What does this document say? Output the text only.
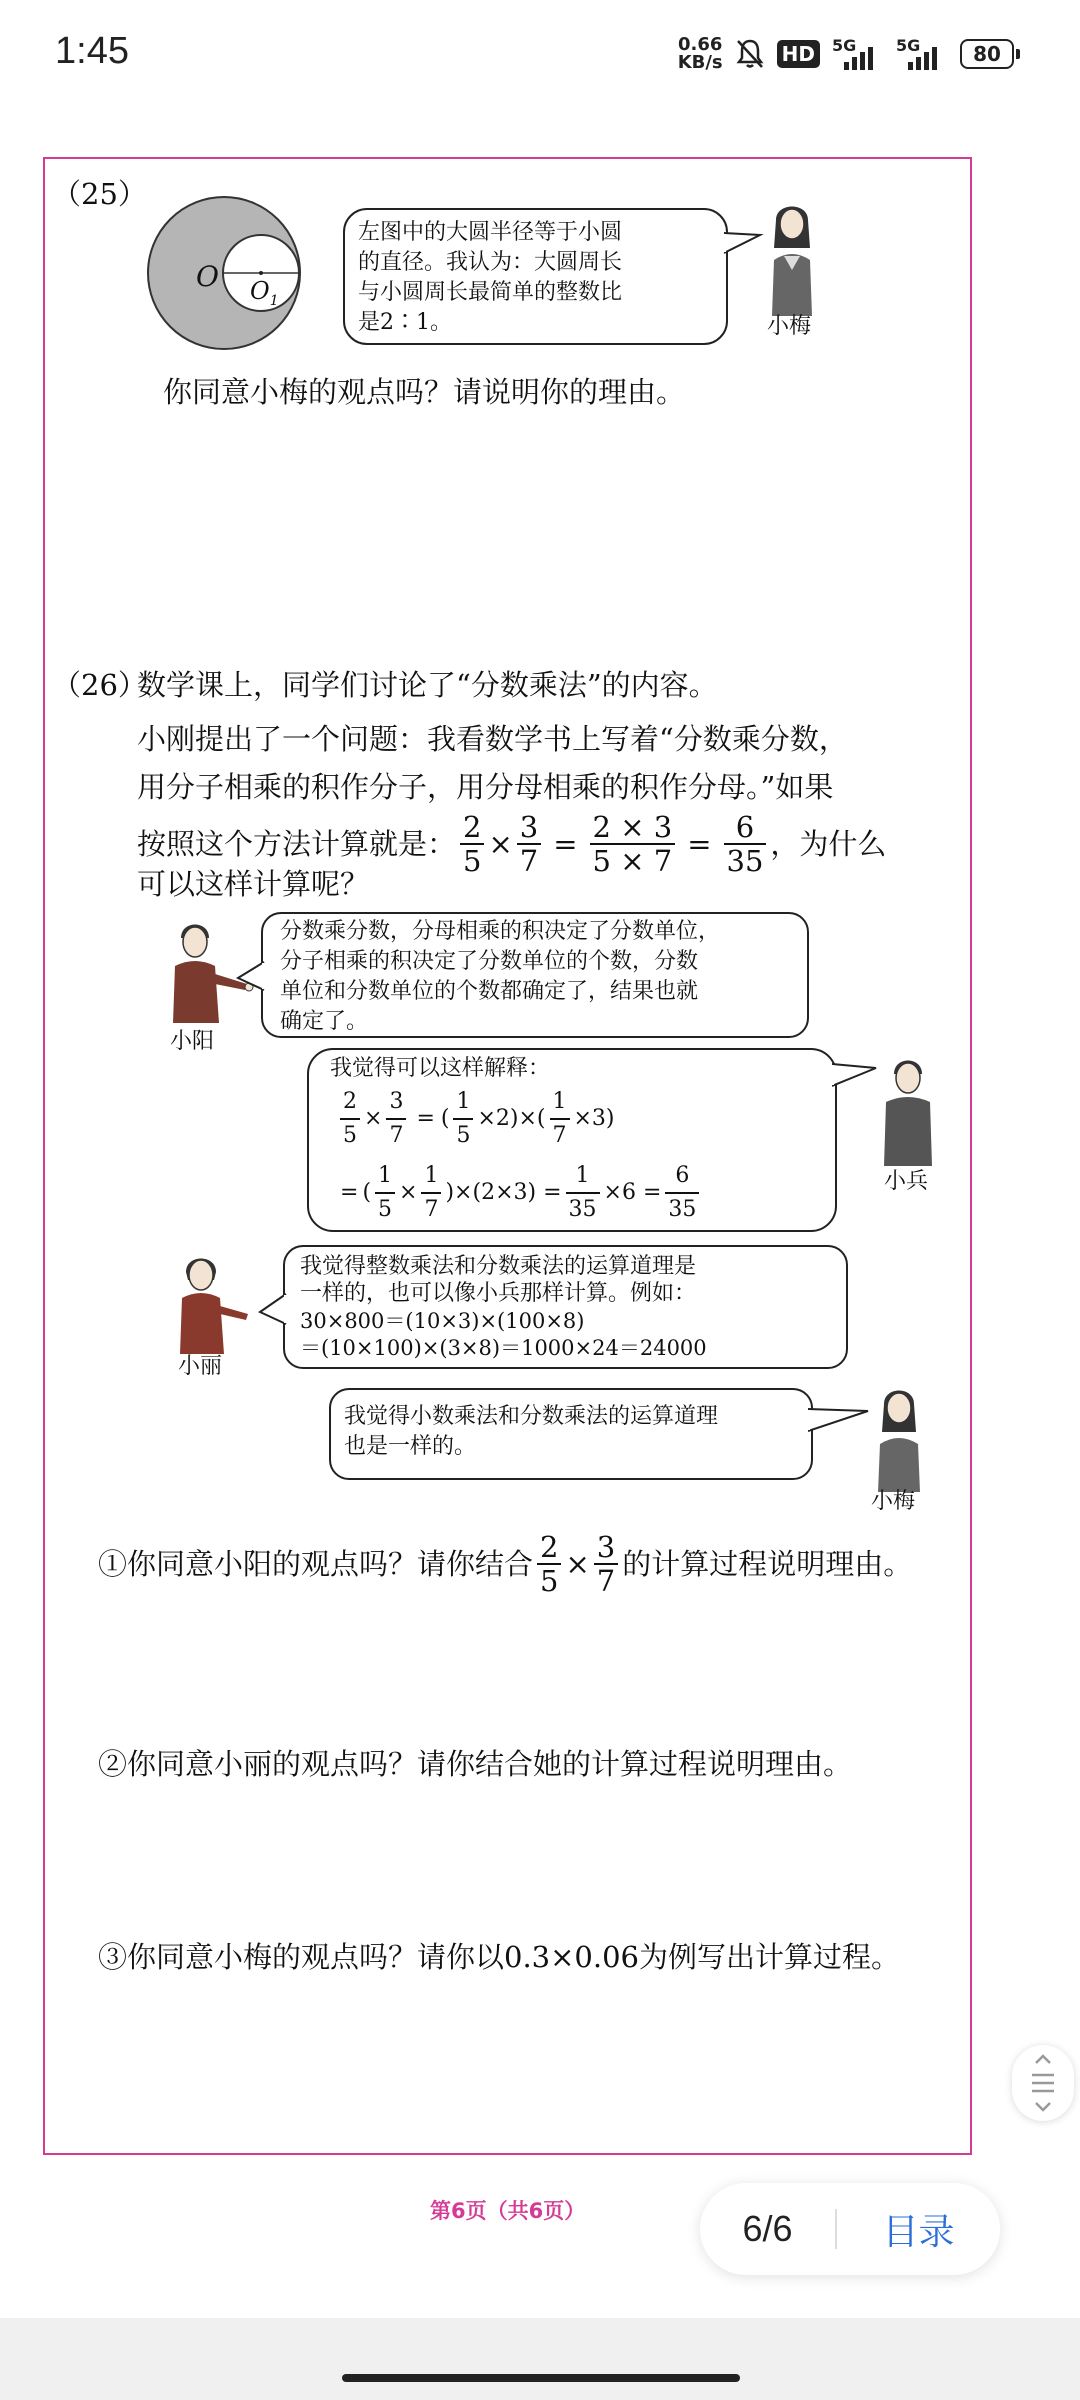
1:45	0.66
KB/s	HD	5G 5G	80
（25）
O $O_1$
左图中的大圆半径等于小圆
的直径。我认为：大圆周长
与小圆周长最简单的整数比
是2∶1。	小梅
你同意小梅的观点吗？请说明你的理由。
（26）
数学课上，同学们讨论了“分数乘法”的内容。
小刚提出了一个问题：我看数学书上写着“分数乘分数，
用分子相乘的积作分子，用分母相乘的积作分母。”如果
按照这个方法计算就是： $\frac{2}{5} \times \frac{3}{7} = \frac{2 \times 3}{5 \times 7} = \frac{6}{35}$ ，为什么
可以这样计算呢？
小阳
分数乘分数，分母相乘的积决定了分数单位，
分子相乘的积决定了分数单位的个数，分数
单位和分数单位的个数都确定了，结果也就
确定了。
我觉得可以这样解释：
$\frac{2}{5} \times \frac{3}{7}$ = ( $\frac{1}{5} \times 2)\times( \frac{1}{7} \times 3)$
= ( $\frac{1}{5} \times \frac{1}{7} )\times(2\times 3) = \frac{1}{35} \times 6 = \frac{6}{35}$	小兵
小丽
我觉得整数乘法和分数乘法的运算道理是
一样的，也可以像小兵那样计算。例如：
30×800＝(10×3)×(100×8)
＝(10×100)×(3×8)＝1000×24＝24000
我觉得小数乘法和分数乘法的运算道理
也是一样的。
小梅
①你同意小阳的观点吗？请你结合 $\frac{2}{5} \times \frac{3}{7}$ 的计算过程说明理由。
②你同意小丽的观点吗？请你结合她的计算过程说明理由。
③你同意小梅的观点吗？请你以0.3×0.06为例写出计算过程。
第6页（共6页）	6/6	目录
